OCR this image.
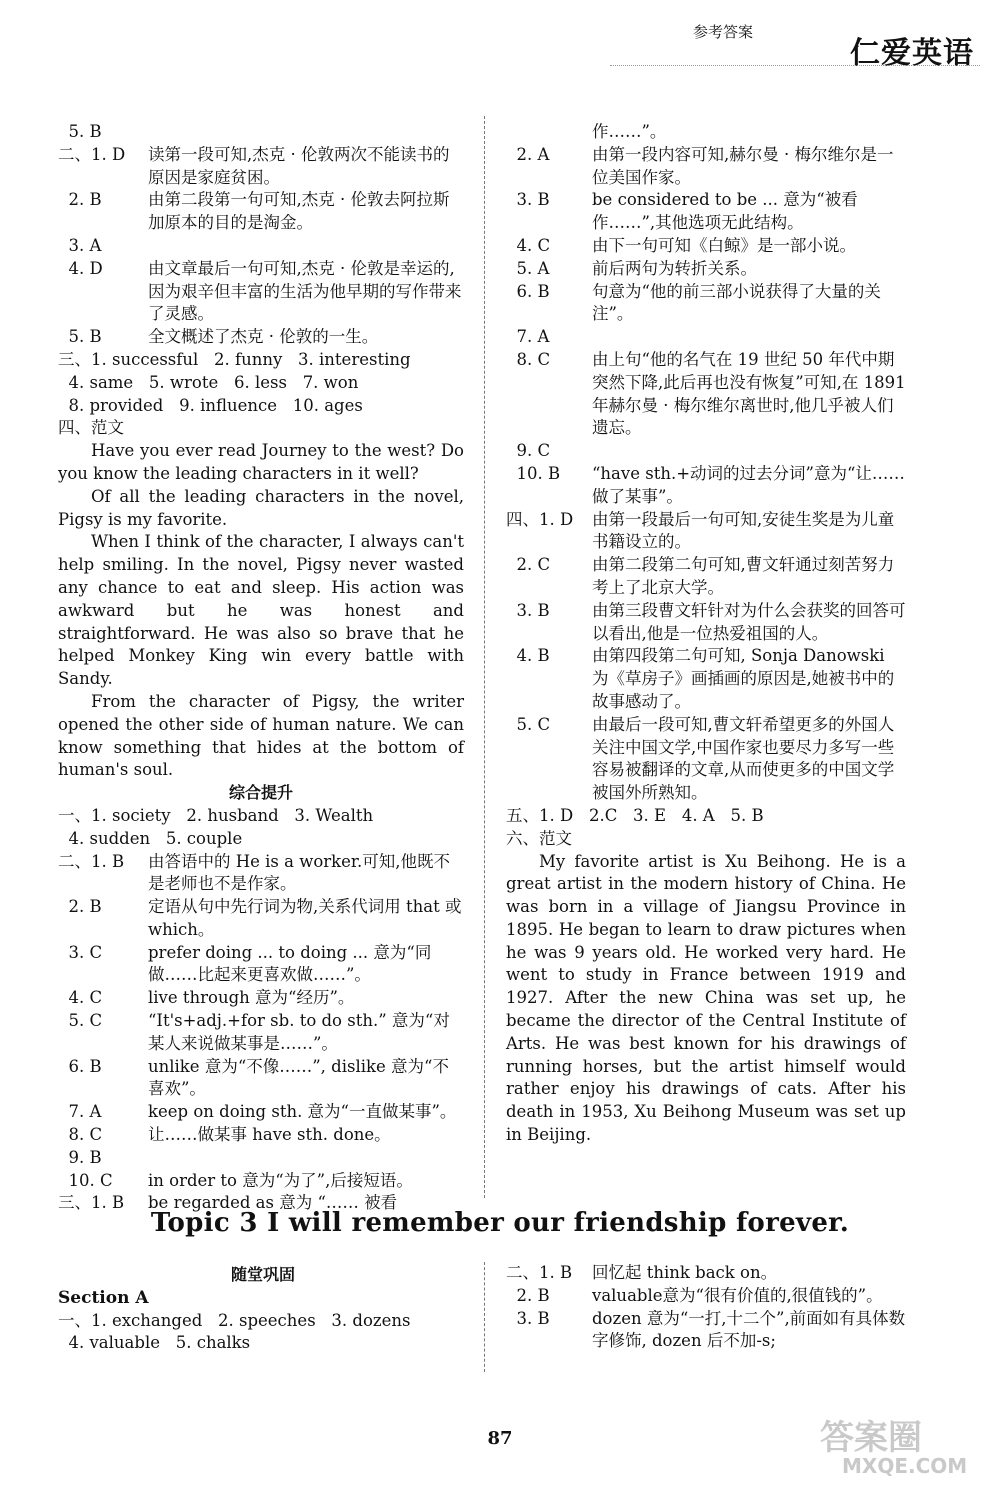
参考答案
仁爱英语
5. B
二、1. D	读第一段可知,杰克 · 伦敦两次不能读书的原因是家庭贫困。
2. B	由第二段第一句可知,杰克 · 伦敦去阿拉斯加原本的目的是淘金。
3. A
4. D	由文章最后一句可知,杰克 · 伦敦是幸运的,因为艰辛但丰富的生活为他早期的写作带来了灵感。
5. B	全文概述了杰克 · 伦敦的一生。
三、1. successful   2. funny   3. interesting
4. same   5. wrote   6. less   7. won
8. provided   9. influence   10. ages
四、范文

Have you ever read Journey to the west? Do you know the leading characters in it well?

Of all the leading characters in the novel, Pigsy is my favorite.

When I think of the character, I always can't help smiling. In the novel, Pigsy never wasted any chance to eat and sleep. His action was awkward but he was honest and straightforward. He was also so brave that he helped Monkey King win every battle with Sandy.

From the character of Pigsy, the writer opened the other side of human nature. We can know something that hides at the bottom of human's soul.

综合提升
一、1. society   2. husband   3. Wealth
4. sudden   5. couple
二、1. B	由答语中的 He is a worker.可知,他既不是老师也不是作家。
2. B	定语从句中先行词为物,关系代词用 that 或 which。
3. C	prefer doing ... to doing ... 意为“同做……比起来更喜欢做……”。
4. C	live through 意为“经历”。
5. C	“It's+adj.+for sb. to do sth.” 意为“对某人来说做某事是……”。
6. B	unlike 意为“不像……”, dislike 意为“不喜欢”。
7. A	keep on doing sth. 意为“一直做某事”。
8. C	让……做某事 have sth. done。
9. B
10. C	in order to 意为“为了”,后接短语。
三、1. B	be regarded as 意为 “…… 被看
作……”。
2. A	由第一段内容可知,赫尔曼 · 梅尔维尔是一位美国作家。
3. B	be considered to be ... 意为“被看作……”,其他选项无此结构。
4. C	由下一句可知《白鲸》是一部小说。
5. A	前后两句为转折关系。
6. B	句意为“他的前三部小说获得了大量的关注”。
7. A
8. C	由上句“他的名气在 19 世纪 50 年代中期突然下降,此后再也没有恢复”可知,在 1891 年赫尔曼 · 梅尔维尔离世时,他几乎被人们遗忘。
9. C
10. B	“have sth.+动词的过去分词”意为“让……做了某事”。
四、1. D	由第一段最后一句可知,安徒生奖是为儿童书籍设立的。
2. C	由第二段第二句可知,曹文轩通过刻苦努力考上了北京大学。
3. B	由第三段曹文轩针对为什么会获奖的回答可以看出,他是一位热爱祖国的人。
4. B	由第四段第二句可知, Sonja Danowski 为《草房子》画插画的原因是,她被书中的故事感动了。
5. C	由最后一段可知,曹文轩希望更多的外国人关注中国文学,中国作家也要尽力多写一些容易被翻译的文章,从而使更多的中国文学被国外所熟知。
五、1. D   2.C   3. E   4. A   5. B
六、范文

My favorite artist is Xu Beihong. He is a great artist in the modern history of China. He was born in a village of Jiangsu Province in 1895. He began to learn to draw pictures when he was 9 years old. He worked very hard. He went to study in France between 1919 and 1927. After the new China was set up, he became the director of the Central Institute of Arts. He was best known for his drawings of running horses, but the artist himself would rather enjoy his drawings of cats. After his death in 1953, Xu Beihong Museum was set up in Beijing.

Topic 3 I will remember our friendship forever.
随堂巩固
Section A
一、1. exchanged   2. speeches   3. dozens
4. valuable   5. chalks
二、1. B	回忆起 think back on。
2. B	valuable意为“很有价值的,很值钱的”。
3. B	dozen 意为“一打,十二个”,前面如有具体数字修饰, dozen 后不加-s;
87	答案圈
MXQE.COM
